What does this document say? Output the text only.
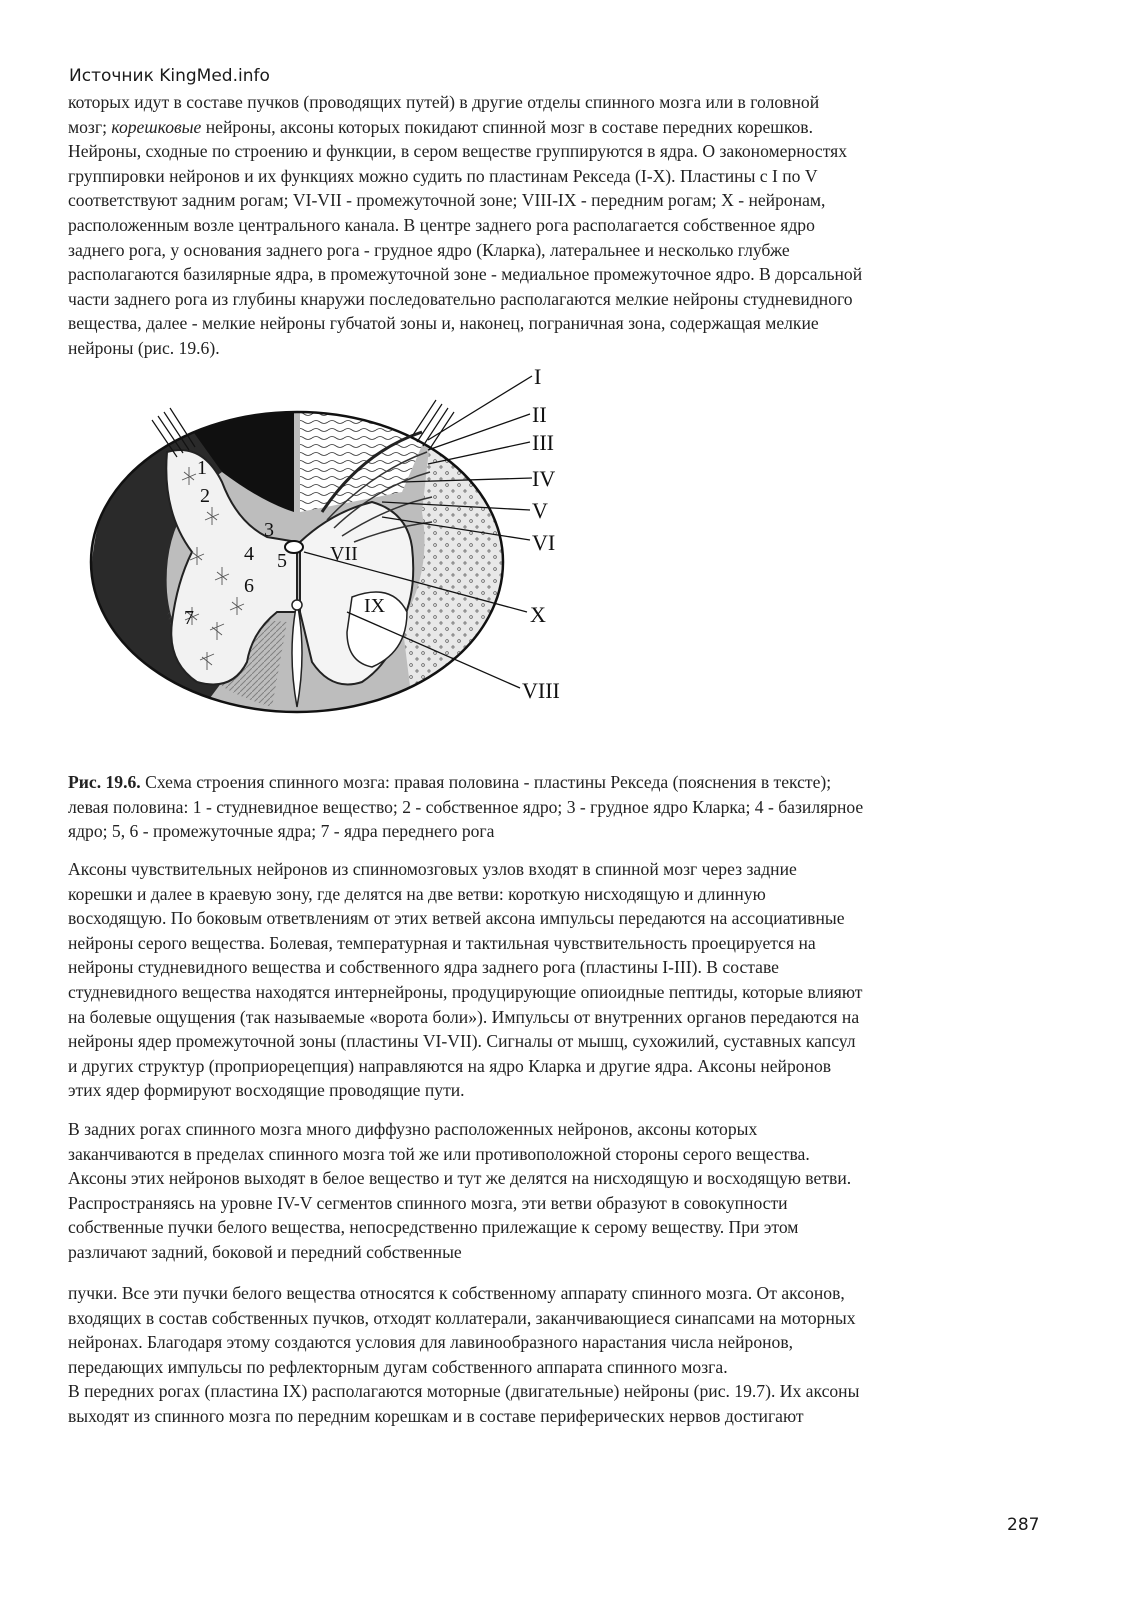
Источник KingMed.info
которых идут в составе пучков (проводящих путей) в другие отделы спинного мозга или в головной
мозг; корешковые нейроны, аксоны которых покидают спинной мозг в составе передних корешков.
Нейроны, сходные по строению и функции, в сером веществе группируются в ядра. О закономерностях
группировки нейронов и их функциях можно судить по пластинам Рекседа (I-X). Пластины с I по V
соответствуют задним рогам; VI-VII - промежуточной зоне; VIII-IX - передним рогам; X - нейронам,
расположенным возле центрального канала. В центре заднего рога располагается собственное ядро
заднего рога, у основания заднего рога - грудное ядро (Кларка), латеральнее и несколько глубже
располагаются базилярные ядра, в промежуточной зоне - медиальное промежуточное ядро. В дорсальной
части заднего рога из глубины кнаружи последовательно располагаются мелкие нейроны студневидного
вещества, далее - мелкие нейроны губчатой зоны и, наконец, пограничная зона, содержащая мелкие
нейроны (рис. 19.6).
I
II
III
IV
V
VI
X
VIII
VII
IX
1
2
3
4 5
6
7
Рис. 19.6. Схема строения спинного мозга: правая половина - пластины Рекседа (пояснения в тексте);
левая половина: 1 - студневидное вещество; 2 - собственное ядро; 3 - грудное ядро Кларка; 4 - базилярное
ядро; 5, 6 - промежуточные ядра; 7 - ядра переднего рога
Аксоны чувствительных нейронов из спинномозговых узлов входят в спинной мозг через задние
корешки и далее в краевую зону, где делятся на две ветви: короткую нисходящую и длинную
восходящую. По боковым ответвлениям от этих ветвей аксона импульсы передаются на ассоциативные
нейроны серого вещества. Болевая, температурная и тактильная чувствительность проецируется на
нейроны студневидного вещества и собственного ядра заднего рога (пластины I-III). В составе
студневидного вещества находятся интернейроны, продуцирующие опиоидные пептиды, которые влияют
на болевые ощущения (так называемые «ворота боли»). Импульсы от внутренних органов передаются на
нейроны ядер промежуточной зоны (пластины VI-VII). Сигналы от мышц, сухожилий, суставных капсул
и других структур (проприорецепция) направляются на ядро Кларка и другие ядра. Аксоны нейронов
этих ядер формируют восходящие проводящие пути.
В задних рогах спинного мозга много диффузно расположенных нейронов, аксоны которых
заканчиваются в пределах спинного мозга той же или противоположной стороны серого вещества.
Аксоны этих нейронов выходят в белое вещество и тут же делятся на нисходящую и восходящую ветви.
Распространяясь на уровне IV-V сегментов спинного мозга, эти ветви образуют в совокупности
собственные пучки белого вещества, непосредственно прилежащие к серому веществу. При этом
различают задний, боковой и передний собственные
пучки. Все эти пучки белого вещества относятся к собственному аппарату спинного мозга. От аксонов,
входящих в состав собственных пучков, отходят коллатерали, заканчивающиеся синапсами на моторных
нейронах. Благодаря этому создаются условия для лавинообразного нарастания числа нейронов,
передающих импульсы по рефлекторным дугам собственного аппарата спинного мозга.
В передних рогах (пластина IX) располагаются моторные (двигательные) нейроны (рис. 19.7). Их аксоны
выходят из спинного мозга по передним корешкам и в составе периферических нервов достигают
287
